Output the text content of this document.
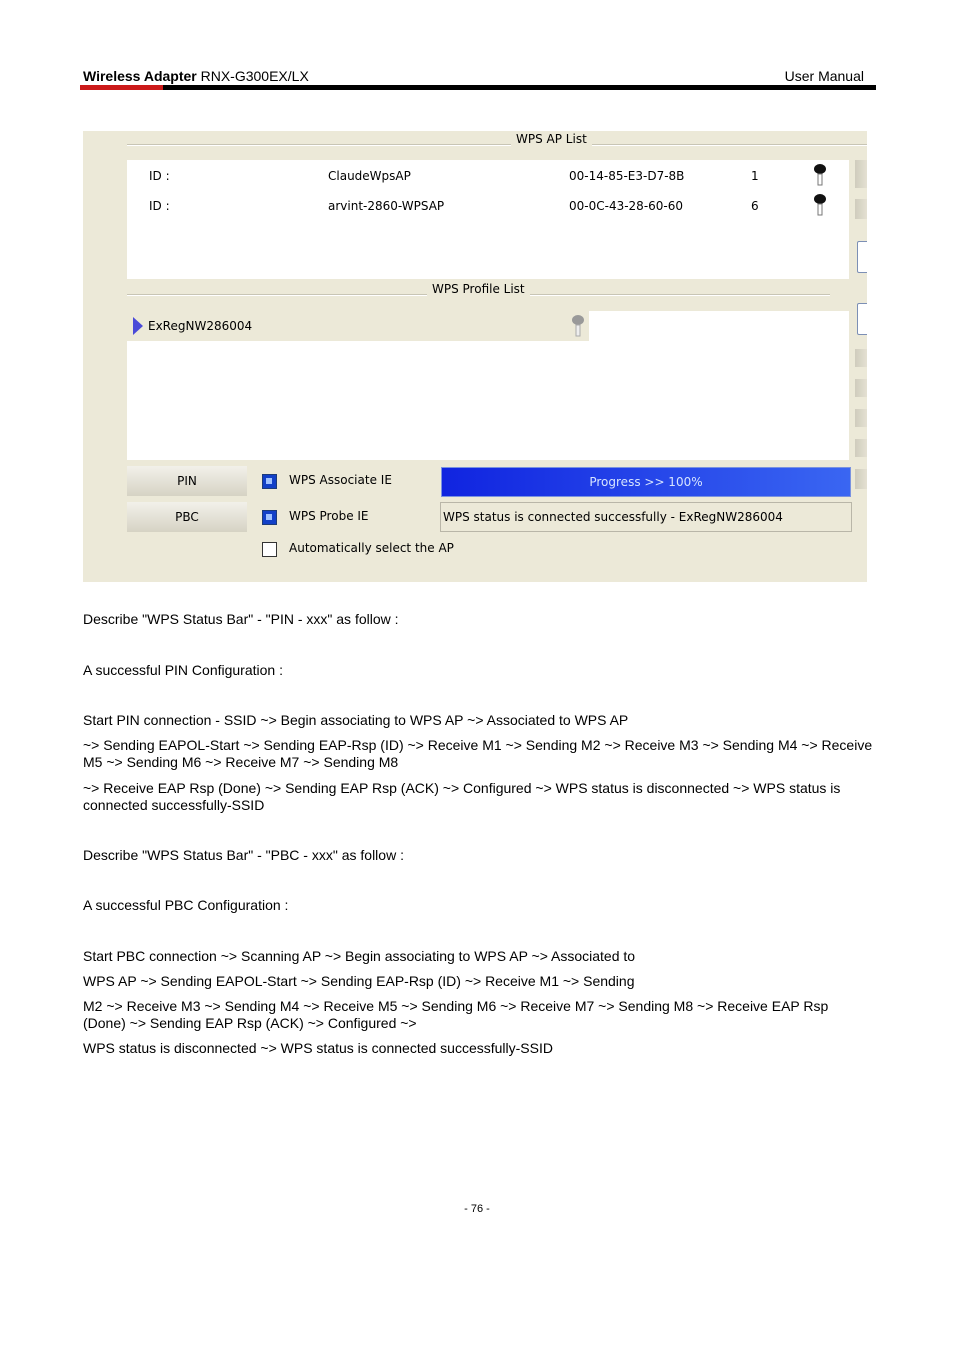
Wireless Adapter RNX-G300EX/LX	User Manual
WPS AP List
ID :	ClaudeWpsAP	00-14-85-E3-D7-8B	1
ID :	arvint-2860-WPSAP	00-0C-43-28-60-60	6
WPS Profile List
ExRegNW286004
PIN
PBC
WPS Associate IE
WPS Probe IE
Automatically select the AP
Progress >> 100%
WPS status is connected successfully - ExRegNW286004

Describe "WPS Status Bar" - "PIN - xxx" as follow :

A successful PIN Configuration :

Start PIN connection - SSID ~> Begin associating to WPS AP ~> Associated to WPS AP

~> Sending EAPOL-Start ~> Sending EAP-Rsp (ID) ~> Receive M1 ~> Sending M2 ~> Receive M3 ~> Sending M4 ~> Receive M5 ~> Sending M6 ~> Receive M7 ~> Sending M8

~> Receive EAP Rsp (Done) ~> Sending EAP Rsp (ACK) ~> Configured ~> WPS status is disconnected ~> WPS status is connected successfully-SSID

Describe "WPS Status Bar" - "PBC - xxx" as follow :

A successful PBC Configuration :

Start PBC connection ~> Scanning AP ~> Begin associating to WPS AP ~> Associated to

WPS AP ~> Sending EAPOL-Start ~> Sending EAP-Rsp (ID) ~> Receive M1 ~> Sending

M2 ~> Receive M3 ~> Sending M4 ~> Receive M5 ~> Sending M6 ~> Receive M7 ~> Sending M8 ~> Receive EAP Rsp (Done) ~> Sending EAP Rsp (ACK) ~> Configured ~>

WPS status is disconnected ~> WPS status is connected successfully-SSID

- 76 -
